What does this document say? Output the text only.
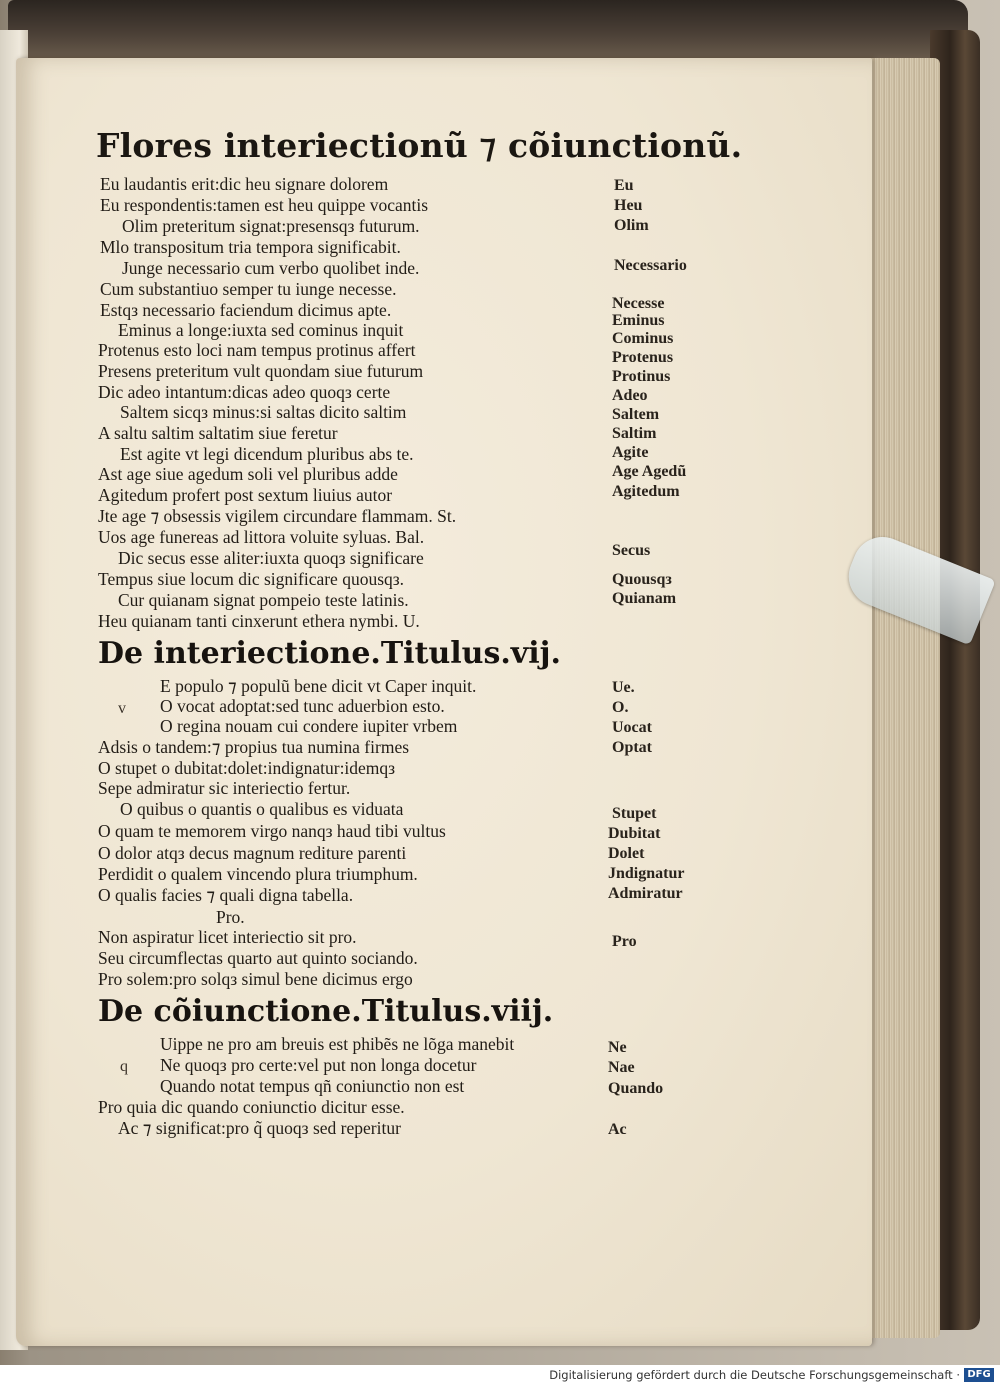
Flores interiectionũ ⁊ cõiunctionũ.

Eu laudantis erit:dic heu signare dolorem

Eu respondentis:tamen est heu quippe vocantis

Olim preteritum signat:presensqз futurum.

Mlo transpositum tria tempora significabit.

Junge necessario cum verbo quolibet inde.

Cum substantiuo semper tu iunge necesse.

Estqз necessario faciendum dicimus apte.

Eminus a longe:iuxta sed cominus inquit

Protenus esto loci nam tempus protinus affert

Presens preteritum vult quondam siue futurum

Dic adeo intantum:dicas adeo quoqз certe

Saltem sicqз minus:si saltas dicito saltim

A saltu saltim saltatim siue feretur

Est agite vt legi dicendum pluribus abs te.

Ast age siue agedum soli vel pluribus adde

Agitedum profert post sextum liuius autor

Jte age ⁊ obsessis vigilem circundare flammam. St.

Uos age funereas ad littora voluite syluas. Bal.

Dic secus esse aliter:iuxta quoqз significare

Tempus siue locum dic significare quousqз.

Cur quianam signat pompeio teste latinis.

Heu quianam tanti cinxerunt ethera nymbi. U.

Eu
Heu
Olim
Necessario
Necesse
Eminus
Cominus
Protenus
Protinus
Adeo
Saltem
Saltim
Agite
Age Agedũ
Agitedum
Secus
Quousqз
Quianam
De interiectione.Titulus.vij.
v

E populo ⁊ populũ bene dicit vt Caper inquit.

O vocat adoptat:sed tunc aduerbion esto.

O regina nouam cui condere iupiter vrbem

Adsis o tandem:⁊ propius tua numina firmes

O stupet o dubitat:dolet:indignatur:idemqз

Sepe admiratur sic interiectio fertur.

O quibus o quantis o qualibus es viduata

O quam te memorem virgo nanqз haud tibi vultus

O dolor atqз decus magnum rediture parenti

Perdidit o qualem vincendo plura triumphum.

O qualis facies ⁊ quali digna tabella.

Pro.

Non aspiratur licet interiectio sit pro.

Seu circumflectas quarto aut quinto sociando.

Pro solem:pro solqз simul bene dicimus ergo

Ue.
O.
Uocat
Optat
Stupet
Dubitat
Dolet
Jndignatur
Admiratur
Pro
De cõiunctione.Titulus.viij.
q

Uippe ne pro am breuis est phibẽs ne lõga manebit

Ne quoqз pro certe:vel put non longa docetur

Quando notat tempus qñ coniunctio non est

Pro quia dic quando coniunctio dicitur esse.

Ac ⁊ significat:pro q̃ quoqз sed reperitur

Ne
Nae
Quando
Ac
Digitalisierung gefördert durch die Deutsche Forschungsgemeinschaft · DFG
